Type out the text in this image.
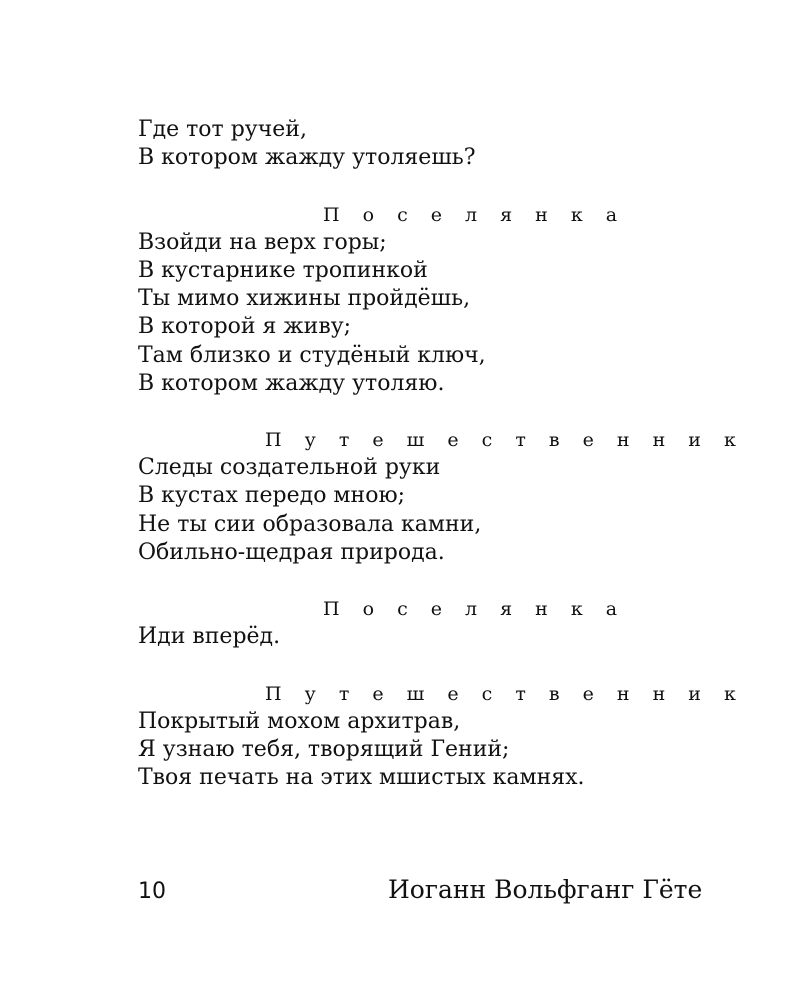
Где тот ручей,
В котором жажду утоляешь?
П о с е л я н к а
Взойди на верх горы;
В кустарнике тропинкой
Ты мимо хижины пройдёшь,
В которой я живу;
Там близко и студёный ключ,
В котором жажду утоляю.
П у т е ш е с т в е н н и к
Следы создательной руки
В кустах передо мною;
Не ты сии образовала камни,
Обильно-щедрая природа.
П о с е л я н к а
Иди вперёд.
П у т е ш е с т в е н н и к
Покрытый мохом архитрав,
Я узнаю тебя, творящий Гений;
Твоя печать на этих мшистых камнях.
10	Иоганн Вольфганг Гёте
